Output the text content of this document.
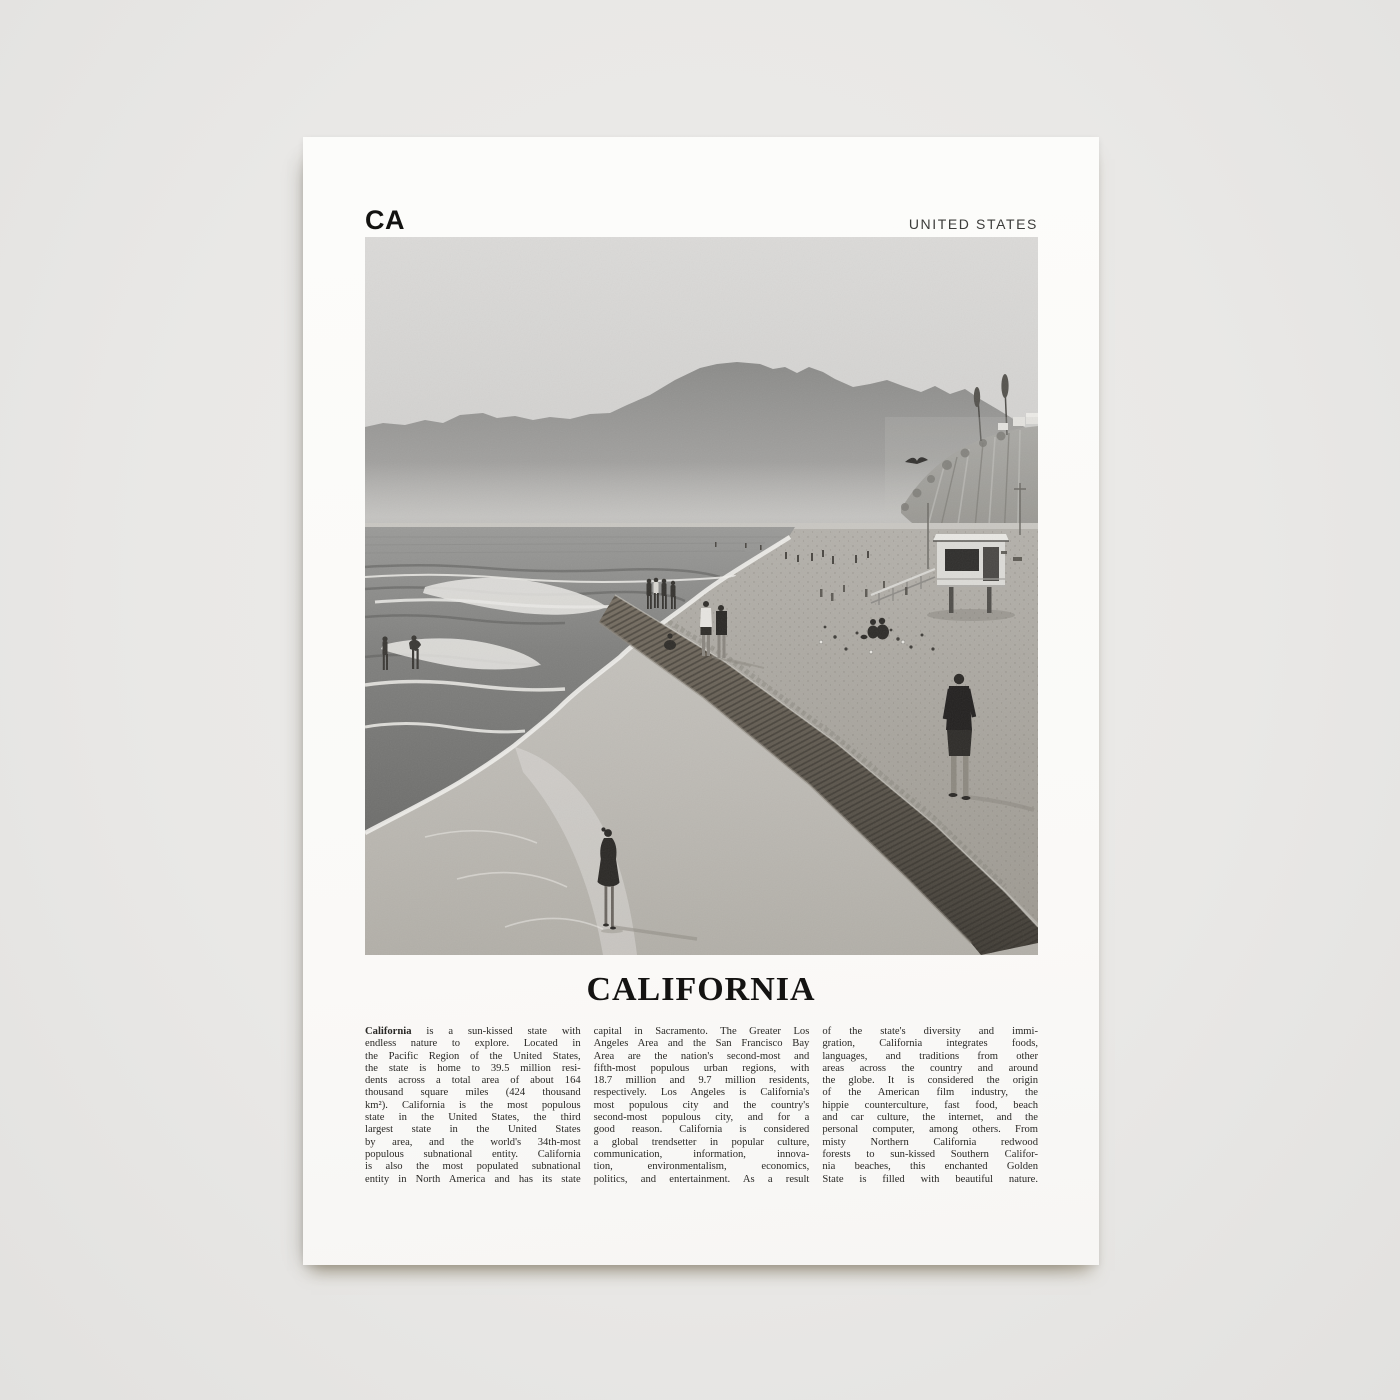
CA	UNITED STATES
CALIFORNIA
California is a sun-kissed state with
endless nature to explore. Located in
the Pacific Region of the United States,
the state is home to 39.5 million resi-
dents across a total area of about 164
thousand square miles (424 thousand
km²). California is the most populous
state in the United States, the third
largest state in the United States
by area, and the world's 34th-most
populous subnational entity. California
is also the most populated subnational
entity in North America and has its state
capital in Sacramento. The Greater Los
Angeles Area and the San Francisco Bay
Area are the nation's second-most and
fifth-most populous urban regions, with
18.7 million and 9.7 million residents,
respectively. Los Angeles is California's
most populous city and the country's
second-most populous city, and for a
good reason. California is considered
a global trendsetter in popular culture,
communication, information, innova-
tion, environmentalism, economics,
politics, and entertainment. As a result
of the state's diversity and immi-
gration, California integrates foods,
languages, and traditions from other
areas across the country and around
the globe. It is considered the origin
of the American film industry, the
hippie counterculture, fast food, beach
and car culture, the internet, and the
personal computer, among others. From
misty Northern California redwood
forests to sun-kissed Southern Califor-
nia beaches, this enchanted Golden
State is filled with beautiful nature.
